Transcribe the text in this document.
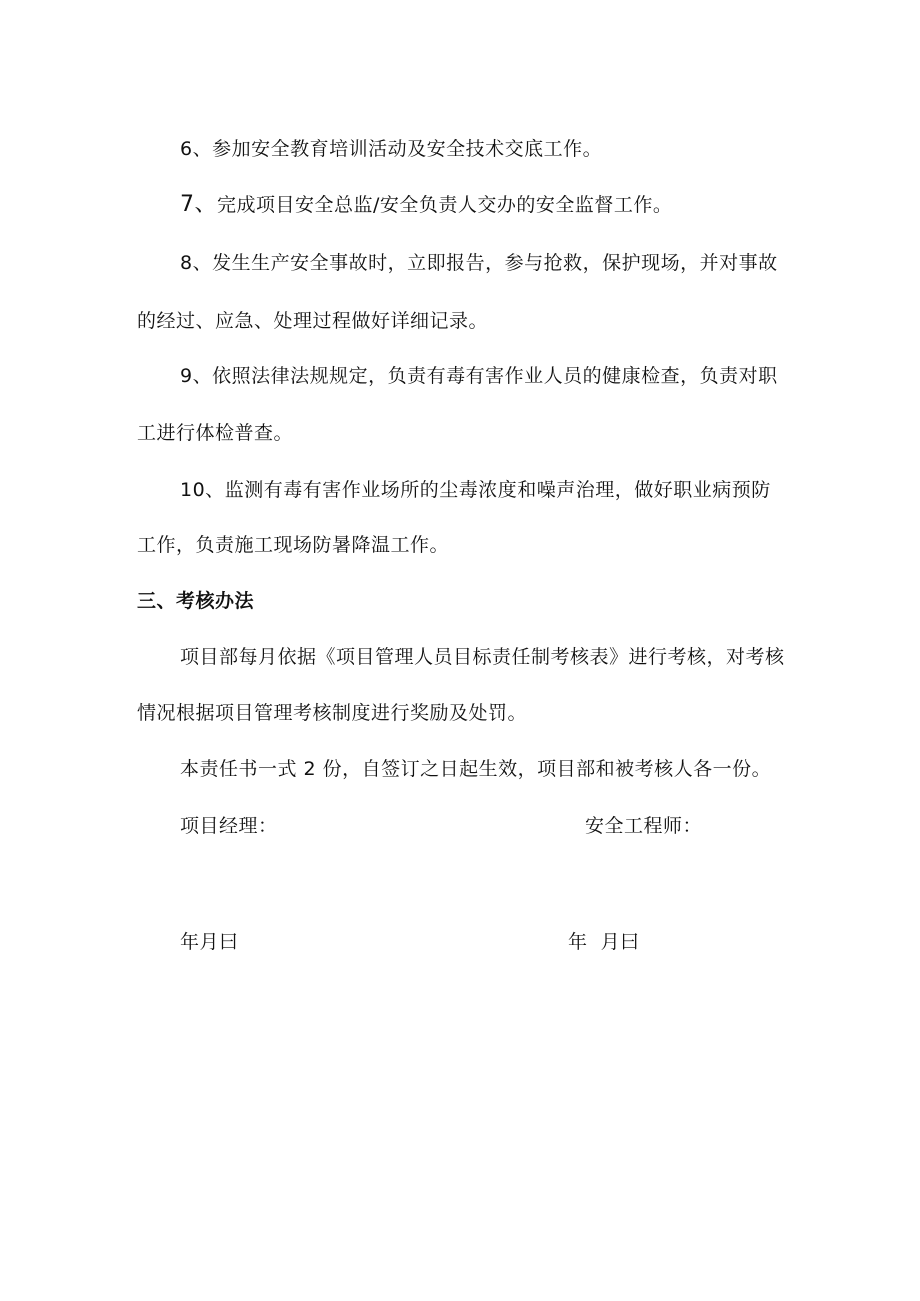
6、参加安全教育培训活动及安全技术交底工作。
7、完成项目安全总监/安全负责人交办的安全监督工作。
8、发生生产安全事故时，立即报告，参与抢救，保护现场，并对事故
的经过、应急、处理过程做好详细记录。
9、依照法律法规规定，负责有毒有害作业人员的健康检查，负责对职
工进行体检普查。
10、监测有毒有害作业场所的尘毒浓度和噪声治理，做好职业病预防
工作，负责施工现场防暑降温工作。
三、考核办法
项目部每月依据《项目管理人员目标责任制考核表》进行考核，对考核
情况根据项目管理考核制度进行奖励及处罚。
本责任书一式 2 份，自签订之日起生效，项目部和被考核人各一份。
项目经理：	安全工程师：
年月曰	年  月曰
